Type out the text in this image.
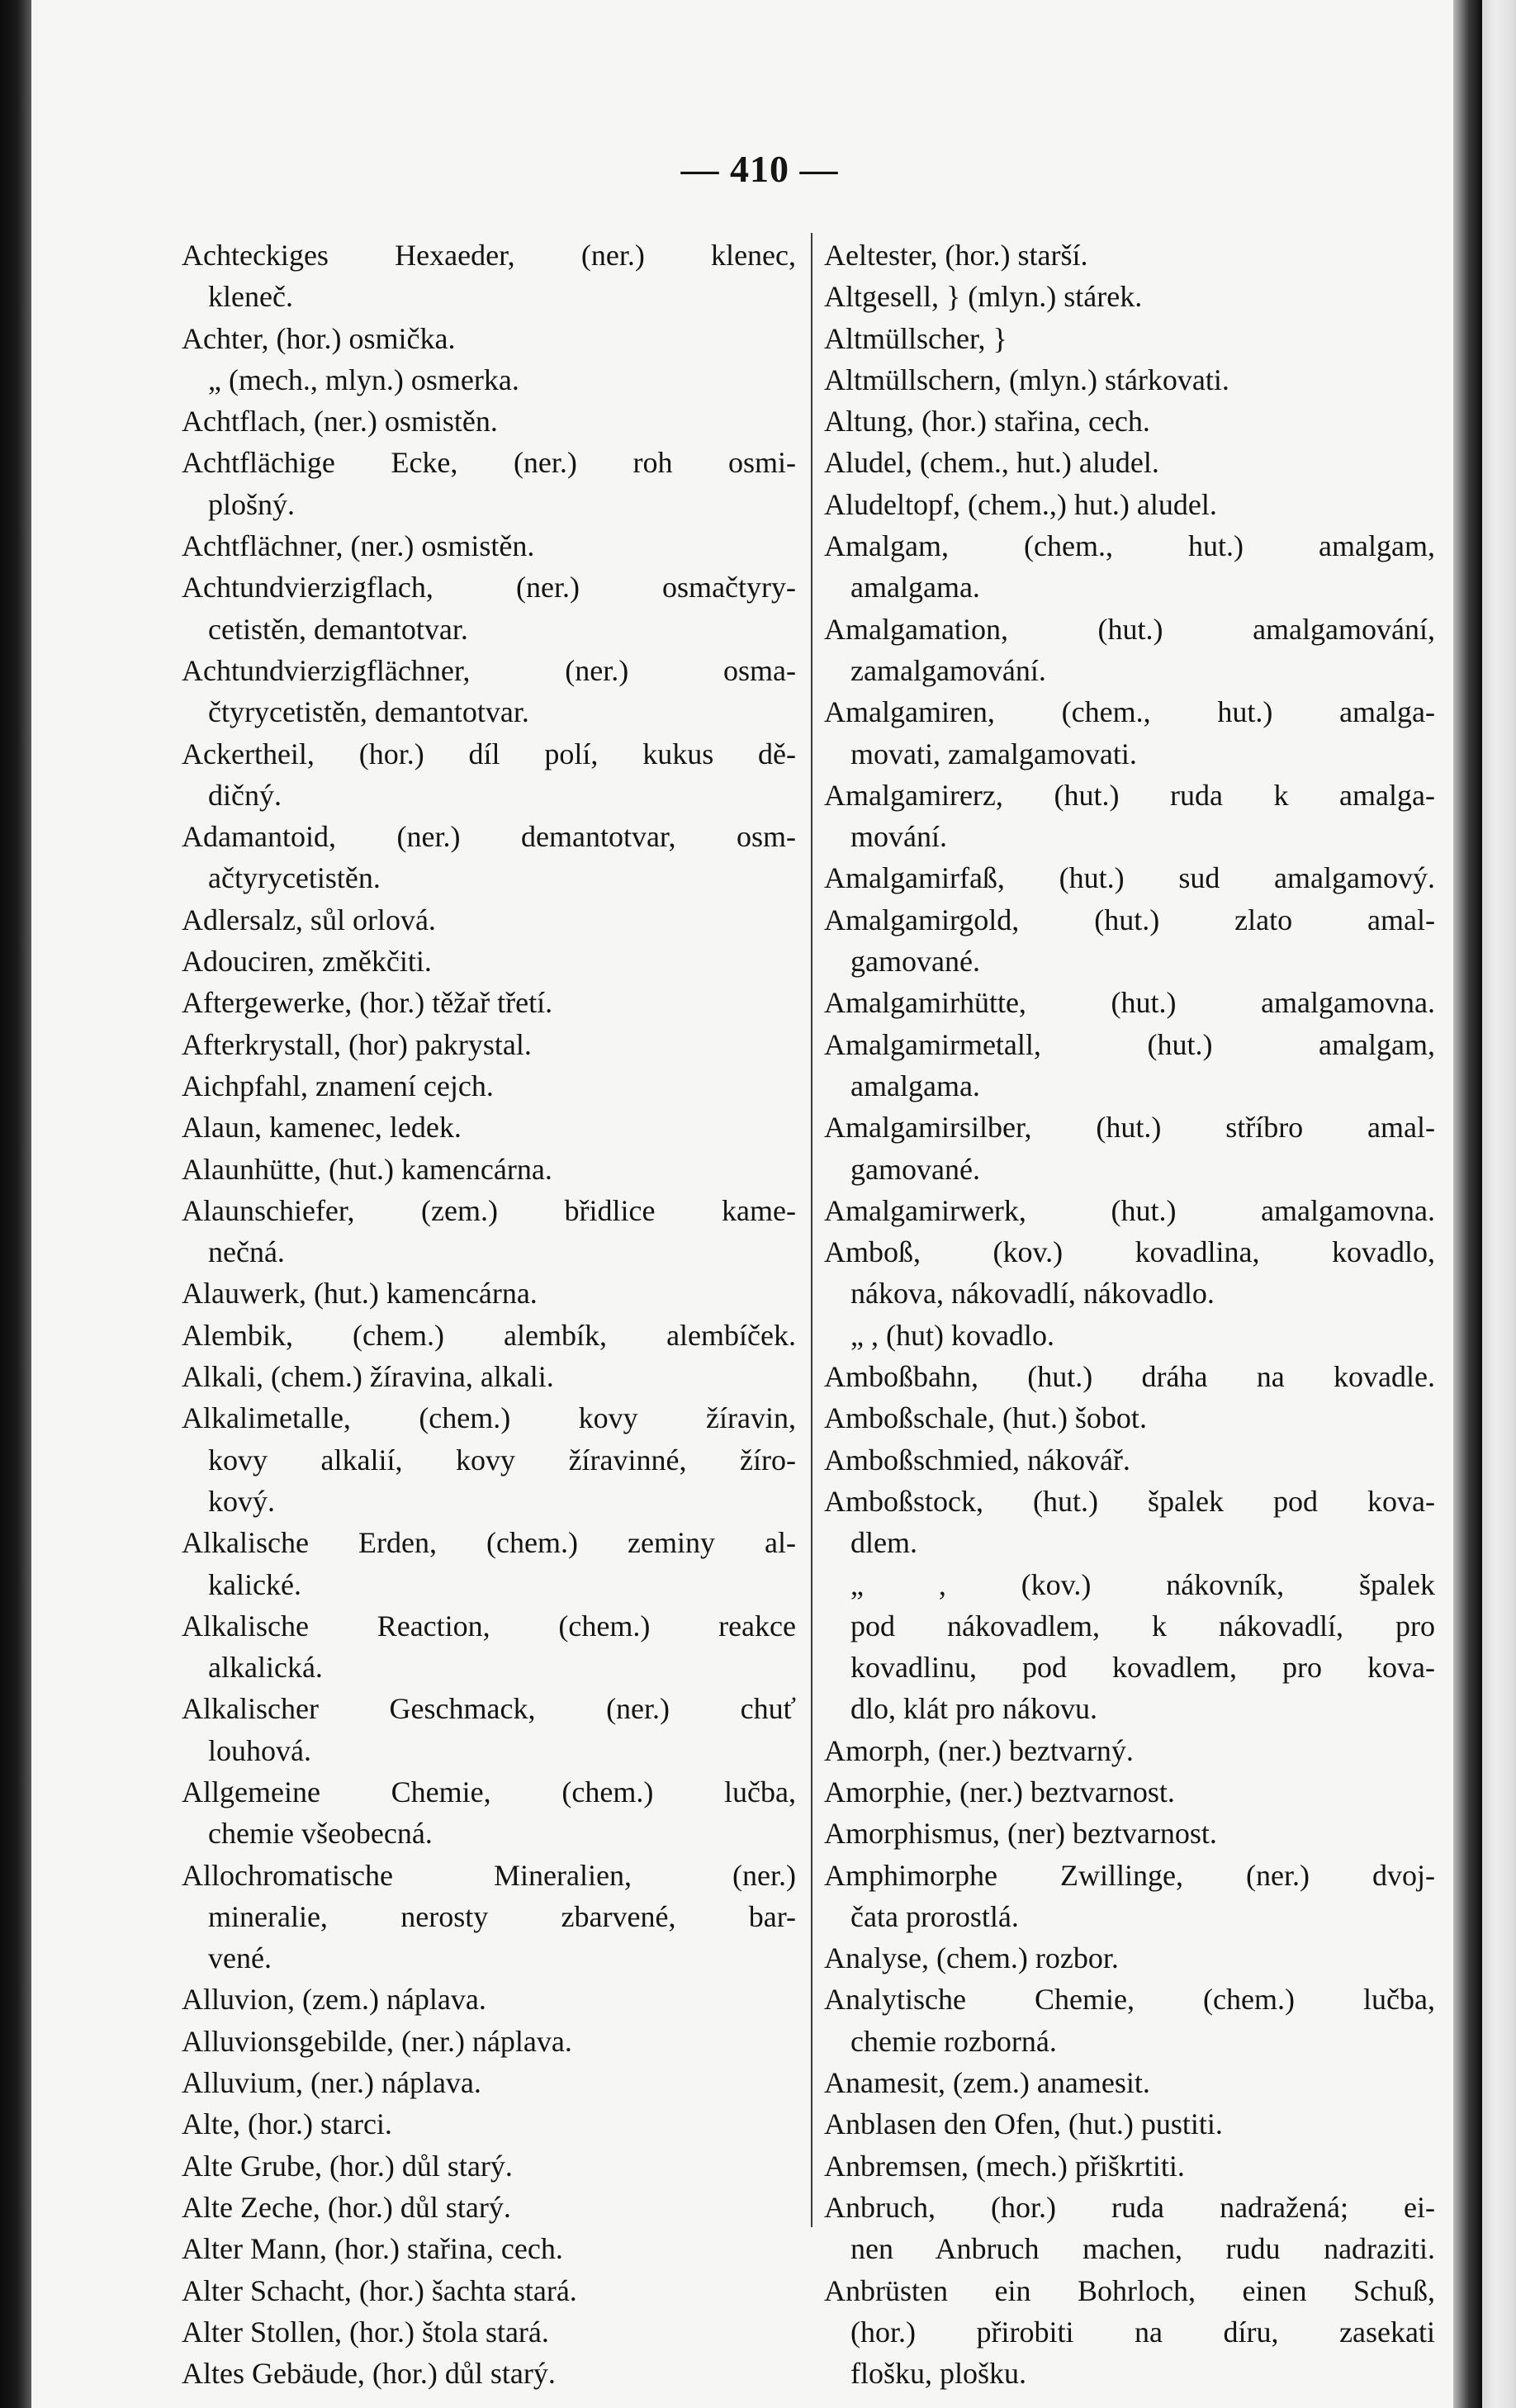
— 410 —
Achteckiges Hexaeder, (ner.) klenec,
kleneč.
Achter, (hor.) osmička.
„ (mech., mlyn.) osmerka.
Achtflach, (ner.) osmistěn.
Achtflächige Ecke, (ner.) roh osmi-
plošný.
Achtflächner, (ner.) osmistěn.
Achtundvierzigflach, (ner.) osmačtyry-
cetistěn, demantotvar.
Achtundvierzigflächner, (ner.) osma-
čtyrycetistěn, demantotvar.
Ackertheil, (hor.) díl polí, kukus dě-
dičný.
Adamantoid, (ner.) demantotvar, osm-
ačtyrycetistěn.
Adlersalz, sůl orlová.
Adouciren, změkčiti.
Aftergewerke, (hor.) těžař třetí.
Afterkrystall, (hor) pakrystal.
Aichpfahl, znamení cejch.
Alaun, kamenec, ledek.
Alaunhütte, (hut.) kamencárna.
Alaunschiefer, (zem.) břidlice kame-
nečná.
Alauwerk, (hut.) kamencárna.
Alembik, (chem.) alembík, alembíček.
Alkali, (chem.) žíravina, alkali.
Alkalimetalle, (chem.) kovy žíravin,
kovy alkalií, kovy žíravinné, žíro-
kový.
Alkalische Erden, (chem.) zeminy al-
kalické.
Alkalische Reaction, (chem.) reakce
alkalická.
Alkalischer Geschmack, (ner.) chuť
louhová.
Allgemeine Chemie, (chem.) lučba,
chemie všeobecná.
Allochromatische Mineralien, (ner.)
mineralie, nerosty zbarvené, bar-
vené.
Alluvion, (zem.) náplava.
Alluvionsgebilde, (ner.) náplava.
Alluvium, (ner.) náplava.
Alte, (hor.) starci.
Alte Grube, (hor.) důl starý.
Alte Zeche, (hor.) důl starý.
Alter Mann, (hor.) stařina, cech.
Alter Schacht, (hor.) šachta stará.
Alter Stollen, (hor.) štola stará.
Altes Gebäude, (hor.) důl starý.
Aeltester, (hor.) starší.
Altgesell, } (mlyn.) stárek.
Altmüllscher, }
Altmüllschern, (mlyn.) stárkovati.
Altung, (hor.) stařina, cech.
Aludel, (chem., hut.) aludel.
Aludeltopf, (chem.,) hut.) aludel.
Amalgam, (chem., hut.) amalgam,
amalgama.
Amalgamation, (hut.) amalgamování,
zamalgamování.
Amalgamiren, (chem., hut.) amalga-
movati, zamalgamovati.
Amalgamirerz, (hut.) ruda k amalga-
mování.
Amalgamirfaß, (hut.) sud amalgamový.
Amalgamirgold, (hut.) zlato amal-
gamované.
Amalgamirhütte, (hut.) amalgamovna.
Amalgamirmetall, (hut.) amalgam,
amalgama.
Amalgamirsilber, (hut.) stříbro amal-
gamované.
Amalgamirwerk, (hut.) amalgamovna.
Amboß, (kov.) kovadlina, kovadlo,
nákova, nákovadlí, nákovadlo.
„ , (hut) kovadlo.
Amboßbahn, (hut.) dráha na kovadle.
Amboßschale, (hut.) šobot.
Amboßschmied, nákovář.
Amboßstock, (hut.) špalek pod kova-
dlem.
„ , (kov.) nákovník, špalek
pod nákovadlem, k nákovadlí, pro
kovadlinu, pod kovadlem, pro kova-
dlo, klát pro nákovu.
Amorph, (ner.) beztvarný.
Amorphie, (ner.) beztvarnost.
Amorphismus, (ner) beztvarnost.
Amphimorphe Zwillinge, (ner.) dvoj-
čata prorostlá.
Analyse, (chem.) rozbor.
Analytische Chemie, (chem.) lučba,
chemie rozborná.
Anamesit, (zem.) anamesit.
Anblasen den Ofen, (hut.) pustiti.
Anbremsen, (mech.) přiškrtiti.
Anbruch, (hor.) ruda nadražená; ei-
nen Anbruch machen, rudu nadraziti.
Anbrüsten ein Bohrloch, einen Schuß,
(hor.) přirobiti na díru, zasekati
flošku, plošku.
